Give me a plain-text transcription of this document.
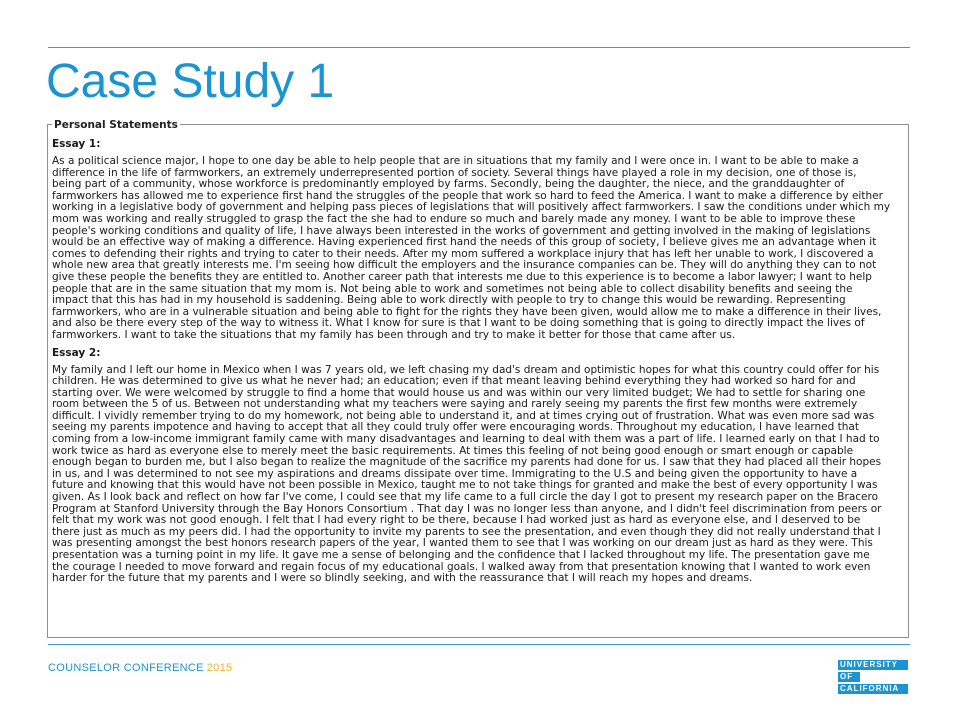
Case Study 1
Personal Statements
Essay 1:
As a political science major, I hope to one day be able to help people that are in situations that my family and I were once in. I want to be able to make a
difference in the life of farmworkers, an extremely underrepresented portion of society. Several things have played a role in my decision, one of those is,
being part of a community, whose workforce is predominantly employed by farms. Secondly, being the daughter, the niece, and the granddaughter of
farmworkers has allowed me to experience first hand the struggles of the people that work so hard to feed the America. I want to make a difference by either
working in a legislative body of government and helping pass pieces of legislations that will positively affect farmworkers. I saw the conditions under which my
mom was working and really struggled to grasp the fact the she had to endure so much and barely made any money. I want to be able to improve these
people's working conditions and quality of life, I have always been interested in the works of government and getting involved in the making of legislations
would be an effective way of making a difference. Having experienced first hand the needs of this group of society, I believe gives me an advantage when it
comes to defending their rights and trying to cater to their needs. After my mom suffered a workplace injury that has left her unable to work, I discovered a
whole new area that greatly interests me. I'm seeing how difficult the employers and the insurance companies can be. They will do anything they can to not
give these people the benefits they are entitled to. Another career path that interests me due to this experience is to become a labor lawyer; I want to help
people that are in the same situation that my mom is. Not being able to work and sometimes not being able to collect disability benefits and seeing the
impact that this has had in my household is saddening. Being able to work directly with people to try to change this would be rewarding. Representing
farmworkers, who are in a vulnerable situation and being able to fight for the rights they have been given, would allow me to make a difference in their lives,
and also be there every step of the way to witness it. What I know for sure is that I want to be doing something that is going to directly impact the lives of
farmworkers. I want to take the situations that my family has been through and try to make it better for those that came after us.
Essay 2:
My family and I left our home in Mexico when I was 7 years old, we left chasing my dad's dream and optimistic hopes for what this country could offer for his
children. He was determined to give us what he never had; an education; even if that meant leaving behind everything they had worked so hard for and
starting over. We were welcomed by struggle to find a home that would house us and was within our very limited budget; We had to settle for sharing one
room between the 5 of us. Between not understanding what my teachers were saying and rarely seeing my parents the first few months were extremely
difficult. I vividly remember trying to do my homework, not being able to understand it, and at times crying out of frustration. What was even more sad was
seeing my parents impotence and having to accept that all they could truly offer were encouraging words. Throughout my education, I have learned that
coming from a low-income immigrant family came with many disadvantages and learning to deal with them was a part of life. I learned early on that I had to
work twice as hard as everyone else to merely meet the basic requirements. At times this feeling of not being good enough or smart enough or capable
enough began to burden me, but I also began to realize the magnitude of the sacrifice my parents had done for us. I saw that they had placed all their hopes
in us, and I was determined to not see my aspirations and dreams dissipate over time. Immigrating to the U.S and being given the opportunity to have a
future and knowing that this would have not been possible in Mexico, taught me to not take things for granted and make the best of every opportunity I was
given. As I look back and reflect on how far I've come, I could see that my life came to a full circle the day I got to present my research paper on the Bracero
Program at Stanford University through the Bay Honors Consortium . That day I was no longer less than anyone, and I didn't feel discrimination from peers or
felt that my work was not good enough. I felt that I had every right to be there, because I had worked just as hard as everyone else, and I deserved to be
there just as much as my peers did. I had the opportunity to invite my parents to see the presentation, and even though they did not really understand that I
was presenting amongst the best honors research papers of the year, I wanted them to see that I was working on our dream just as hard as they were. This
presentation was a turning point in my life. It gave me a sense of belonging and the confidence that I lacked throughout my life. The presentation gave me
the courage I needed to move forward and regain focus of my educational goals. I walked away from that presentation knowing that I wanted to work even
harder for the future that my parents and I were so blindly seeking, and with the reassurance that I will reach my hopes and dreams.
COUNSELOR CONFERENCE 2015	UNIVERSITY
OF
CALIFORNIA
